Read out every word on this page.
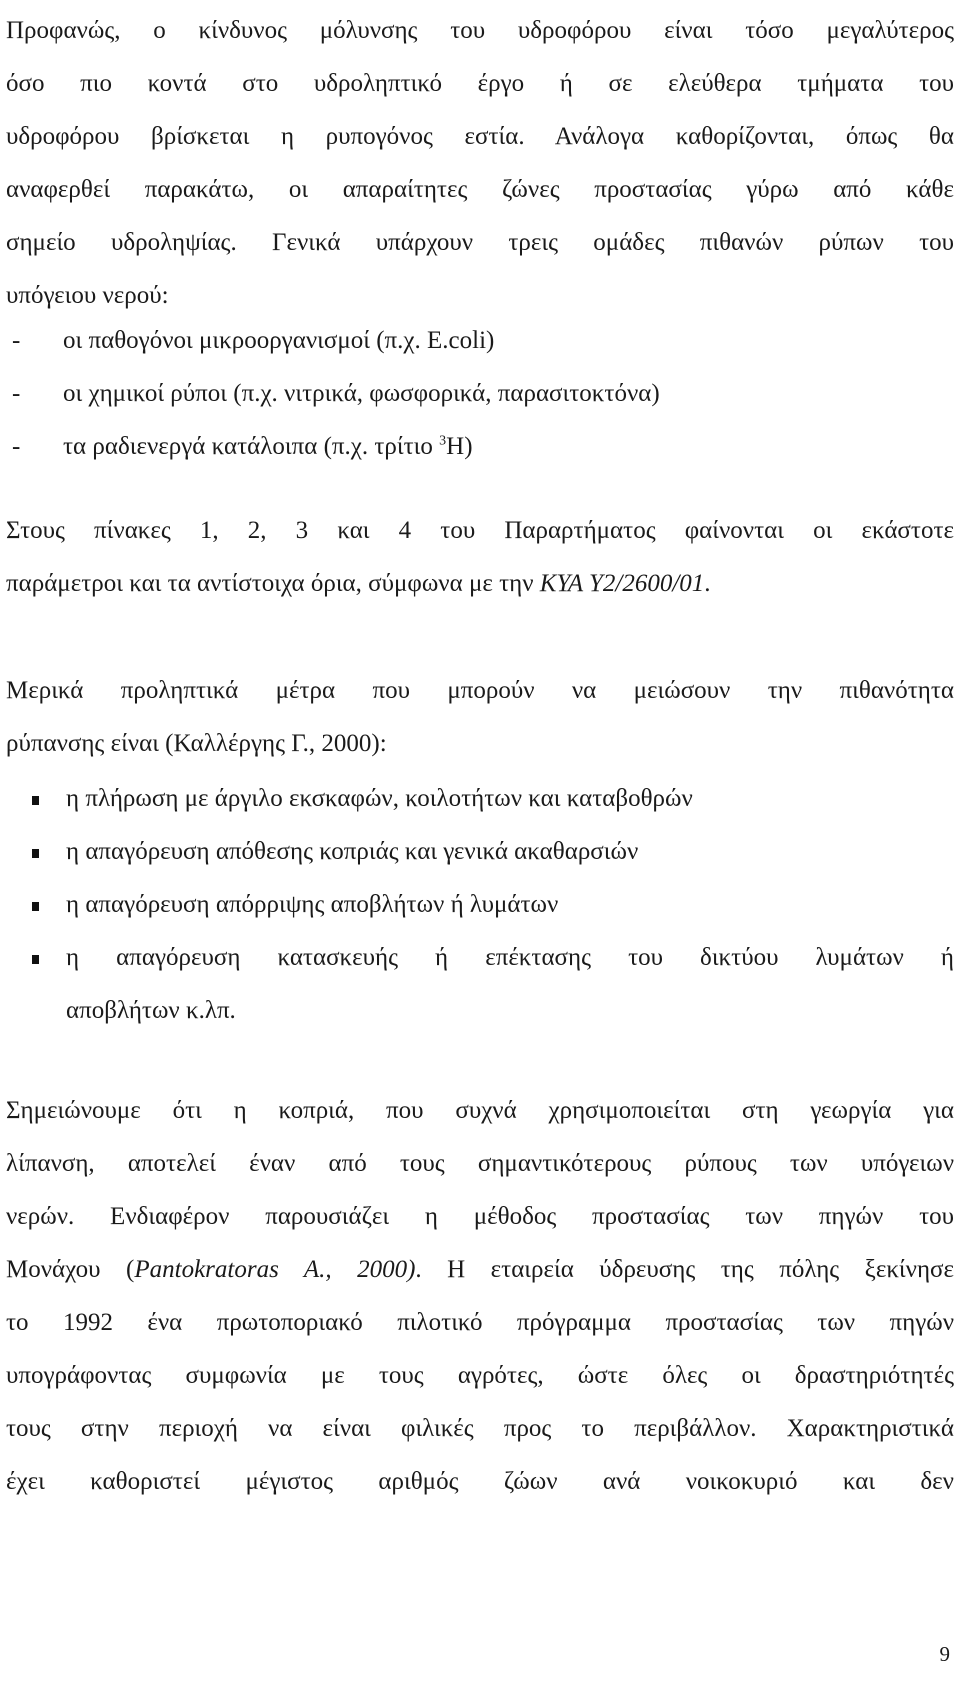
Προφανώς, ο κίνδυνος μόλυνσης του υδροφόρου είναι τόσο μεγαλύτερος
όσο πιο κοντά στο υδροληπτικό έργο ή σε ελεύθερα τμήματα του
υδροφόρου βρίσκεται η ρυπογόνος εστία. Ανάλογα καθορίζονται, όπως θα
αναφερθεί παρακάτω, οι απαραίτητες ζώνες προστασίας γύρω από κάθε
σημείο υδροληψίας. Γενικά υπάρχουν τρεις ομάδες πιθανών ρύπων του
υπόγειου νερού:
- οι παθογόνοι μικροοργανισμοί (π.χ. E.coli)
- οι χημικοί ρύποι (π.χ. νιτρικά, φωσφορικά, παρασιτοκτόνα)
- τα ραδιενεργά κατάλοιπα (π.χ. τρίτιο $^3$H)
Στους πίνακες 1, 2, 3 και 4 του Παραρτήματος φαίνονται οι εκάστοτε
παράμετροι και τα αντίστοιχα όρια, σύμφωνα με την ΚΥΑ Υ2/2600/01.
Μερικά προληπτικά μέτρα που μπορούν να μειώσουν την πιθανότητα
ρύπανσης είναι (Καλλέργης Γ., 2000):
η πλήρωση με άργιλο εκσκαφών, κοιλοτήτων και καταβοθρών
η απαγόρευση απόθεσης κοπριάς και γενικά ακαθαρσιών
η απαγόρευση απόρριψης αποβλήτων ή λυμάτων
η απαγόρευση κατασκευής ή επέκτασης του δικτύου λυμάτων ή
αποβλήτων κ.λπ.
Σημειώνουμε ότι η κοπριά, που συχνά χρησιμοποιείται στη γεωργία για
λίπανση, αποτελεί έναν από τους σημαντικότερους ρύπους των υπόγειων
νερών. Ενδιαφέρον παρουσιάζει η μέθοδος προστασίας των πηγών του
Μονάχου (Pantokratoras A., 2000). Η εταιρεία ύδρευσης της πόλης ξεκίνησε
το 1992 ένα πρωτοποριακό πιλοτικό πρόγραμμα προστασίας των πηγών
υπογράφοντας συμφωνία με τους αγρότες, ώστε όλες οι δραστηριότητές
τους στην περιοχή να είναι φιλικές προς το περιβάλλον. Χαρακτηριστικά
έχει καθοριστεί μέγιστος αριθμός ζώων ανά νοικοκυριό και δεν
9
